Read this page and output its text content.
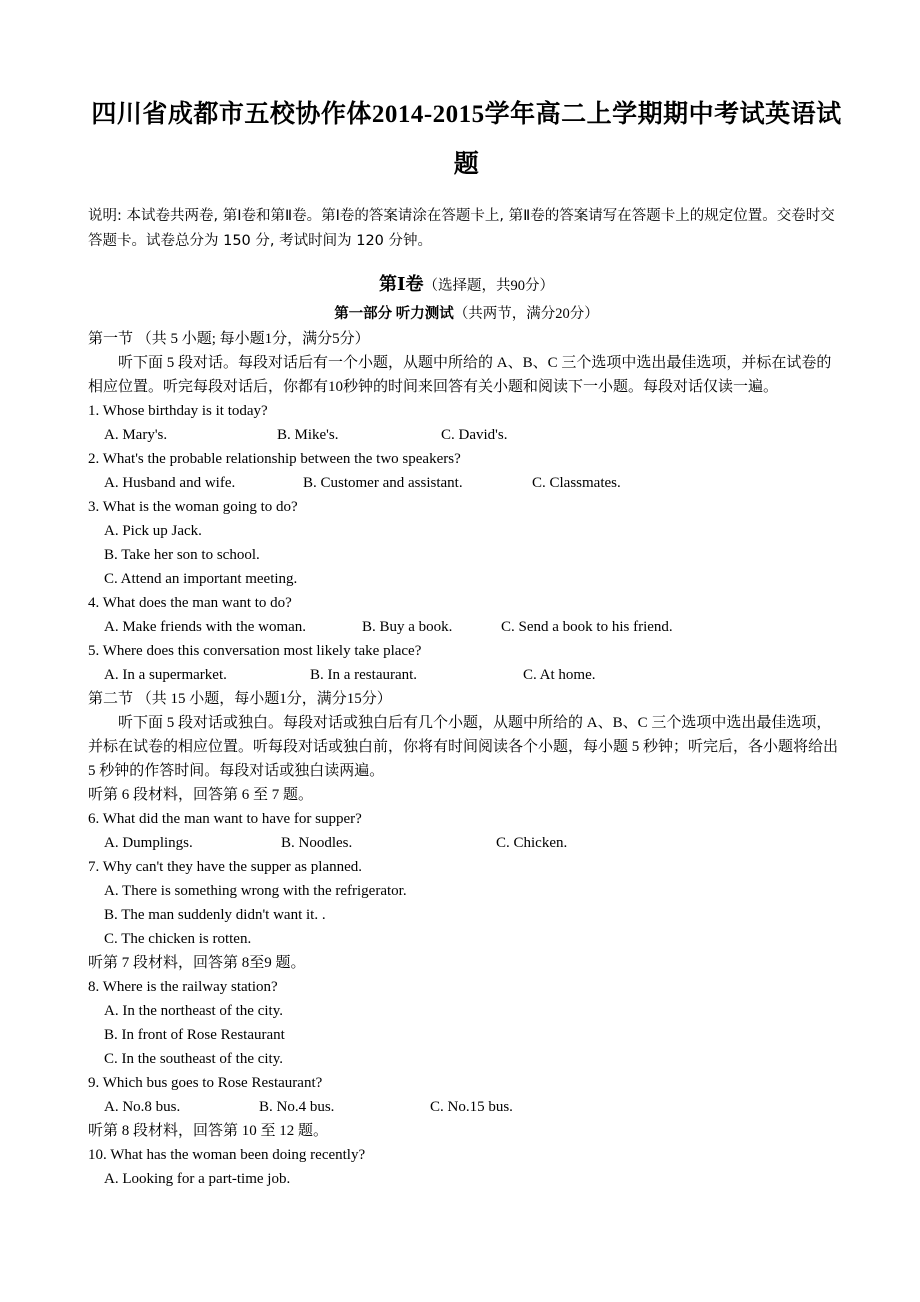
四川省成都市五校协作体2014-2015学年高二上学期期中考试英语试
题
说明: 本试卷共两卷, 第Ⅰ卷和第Ⅱ卷。第Ⅰ卷的答案请涂在答题卡上, 第Ⅱ卷的答案请写在答题卡上的规定位置。交卷时交答题卡。试卷总分为 150 分, 考试时间为 120 分钟。
第Ⅰ卷（选择题，共90分）
第一部分 听力测试（共两节，满分20分）
第一节 （共 5 小题; 每小题1分，满分5分）
听下面 5 段对话。每段对话后有一个小题，从题中所给的 A、B、C 三个选项中选出最佳选项，并标在试卷的相应位置。听完每段对话后，你都有10秒钟的时间来回答有关小题和阅读下一小题。每段对话仅读一遍。
1. Whose birthday is it today?
A. Mary's.	B. Mike's.	C. David's.
2. What's the probable relationship between the two speakers?
A. Husband and wife.	B. Customer and assistant.	C. Classmates.
3. What is the woman going to do?
A. Pick up Jack.
B. Take her son to school.
C. Attend an important meeting.
4. What does the man want to do?
A. Make friends with the woman.	B. Buy a book.	C. Send a book to his friend.
5. Where does this conversation most likely take place?
A. In a supermarket.	B. In a restaurant.	C. At home.
第二节 （共 15 小题，每小题1分，满分15分）
听下面 5 段对话或独白。每段对话或独白后有几个小题，从题中所给的 A、B、C 三个选项中选出最佳选项，并标在试卷的相应位置。听每段对话或独白前，你将有时间阅读各个小题，每小题 5 秒钟；听完后，各小题将给出 5 秒钟的作答时间。每段对话或独白读两遍。
听第 6 段材料，回答第 6 至 7 题。
6. What did the man want to have for supper?
A. Dumplings.	B. Noodles.	C. Chicken.
7. Why can't they have the supper as planned.
A. There is something wrong with the refrigerator.
B. The man suddenly didn't want it. .
C. The chicken is rotten.
听第 7 段材料，回答第 8至9 题。
8. Where is the railway station?
A. In the northeast of the city.
B. In front of Rose Restaurant
C. In the southeast of the city.
9. Which bus goes to Rose Restaurant?
A. No.8 bus.	B. No.4 bus.	C. No.15 bus.
听第 8 段材料，回答第 10 至 12 题。
10. What has the woman been doing recently?
A. Looking for a part-time job.
